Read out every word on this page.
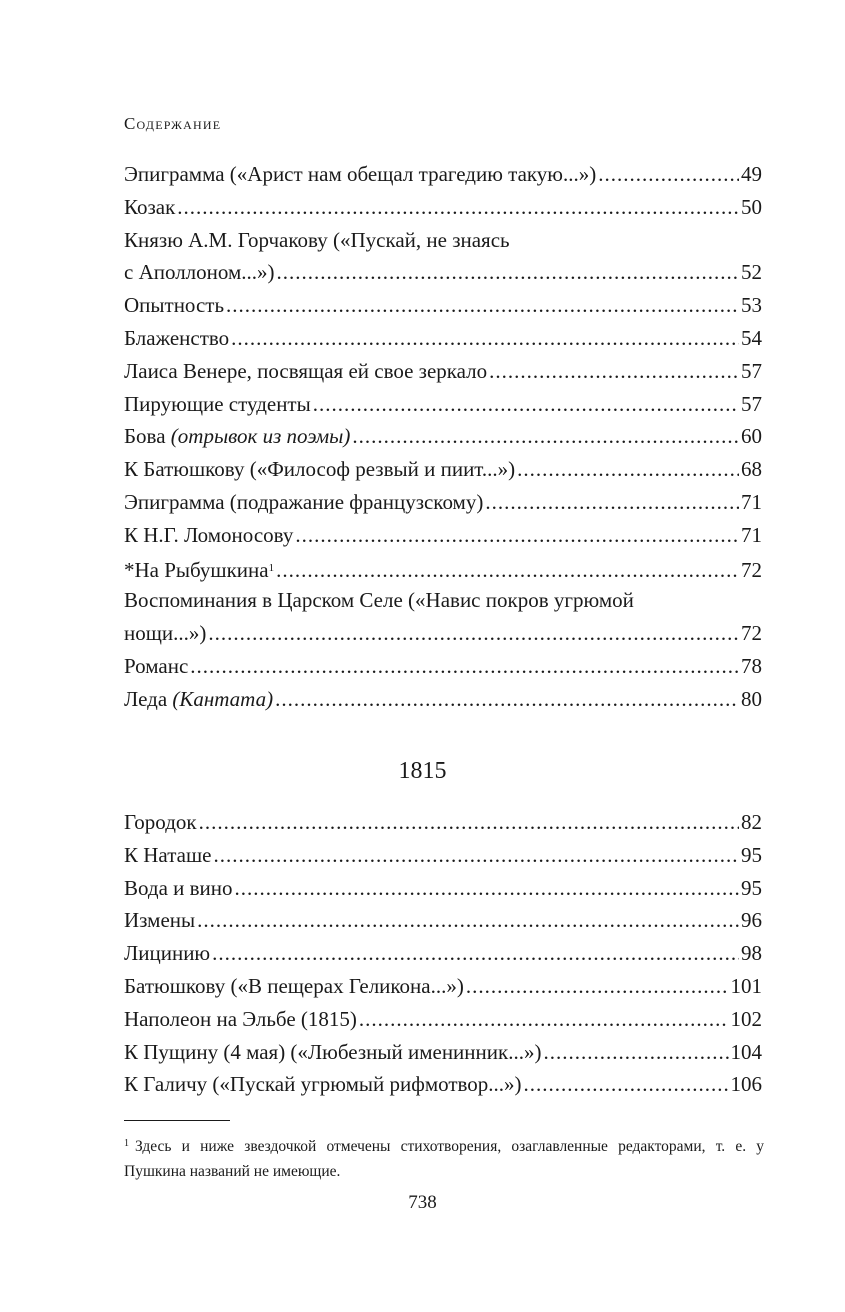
Содержание
Эпиграмма («Арист нам обещал трагедию такую...») .....	49
Козак .....	50
Князю А.М. Горчакову («Пускай, не знаясь
с Аполлоном...») .....	52
Опытность .....	53
Блаженство .....	54
Лаиса Венере, посвящая ей свое зеркало .....	57
Пирующие студенты .....	57
Бова (отрывок из поэмы) .....	60
К Батюшкову («Философ резвый и пиит...») .....	68
Эпиграмма (подражание французскому) .....	71
К Н.Г. Ломоносову .....	71
*На Рыбушкина$^1$ .....	72
Воспоминания в Царском Селе («Навис покров угрюмой
нощи...») .....	72
Романс .....	78
Леда (Кантата) .....	80
1815
Городок .....	82
К Наташе .....	95
Вода и вино .....	95
Измены .....	96
Лицинию .....	98
Батюшкову («В пещерах Геликона...») .....	101
Наполеон на Эльбе (1815) .....	102
К Пущину (4 мая) («Любезный именинник...») .....	104
К Галичу («Пускай угрюмый рифмотвор...») .....	106
$^1$ Здесь и ниже звездочкой отмечены стихотворения, озаглавленные редакторами, т. е. у Пушкина названий не имеющие.
738
